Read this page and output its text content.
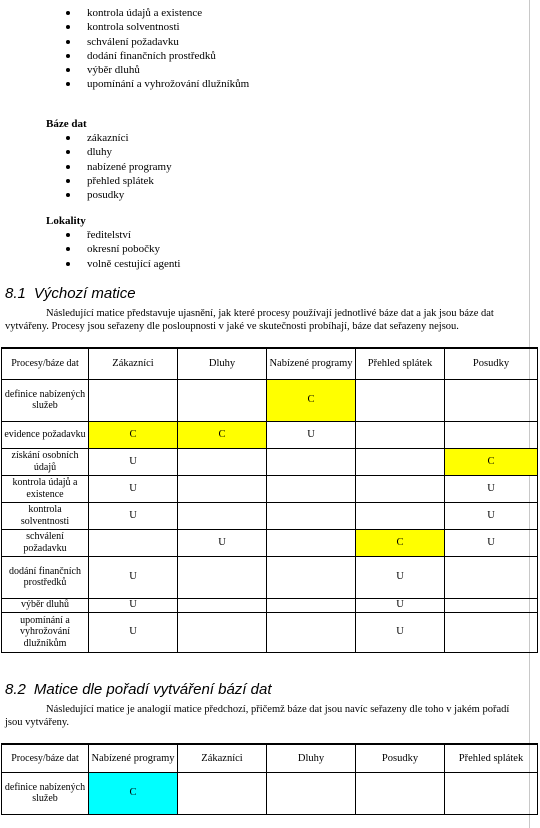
kontrola údajů a existence
kontrola solventnosti
schválení požadavku
dodání finančních prostředků
výběr dluhů
upomínání a vyhrožování dlužníkům
Báze dat
zákazníci
dluhy
nabízené programy
přehled splátek
posudky
Lokality
ředitelství
okresní pobočky
volně cestující agenti
8.1 Výchozí matice

Následující matice představuje ujasnění, jak které procesy používají jednotlivé báze dat a jak jsou báze dat vytvářeny. Procesy jsou seřazeny dle posloupnosti v jaké ve skutečnosti probíhají, báze dat seřazeny nejsou.

Procesy/báze dat	Zákazníci	Dluhy	Nabízené programy	Přehled splátek	Posudky
definice nabízených služeb			C		
evidence požadavku	C	C	U		
získání osobních údajů	U				C
kontrola údajů a existence	U				U
kontrola solventnosti	U				U
schválení požadavku		U		C	U
dodání finančních prostředků	U			U	
výběr dluhů	U			U	
upomínání a vyhrožování dlužníkům	U			U	
8.2 Matice dle pořadí vytváření bází dat

Následující matice je analogií matice předchozí, přičemž báze dat jsou navíc seřazeny dle toho v jakém pořadí jsou vytvářeny.

Procesy/báze dat	Nabízené programy	Zákazníci	Dluhy	Posudky	Přehled splátek
definice nabízených služeb	C				
